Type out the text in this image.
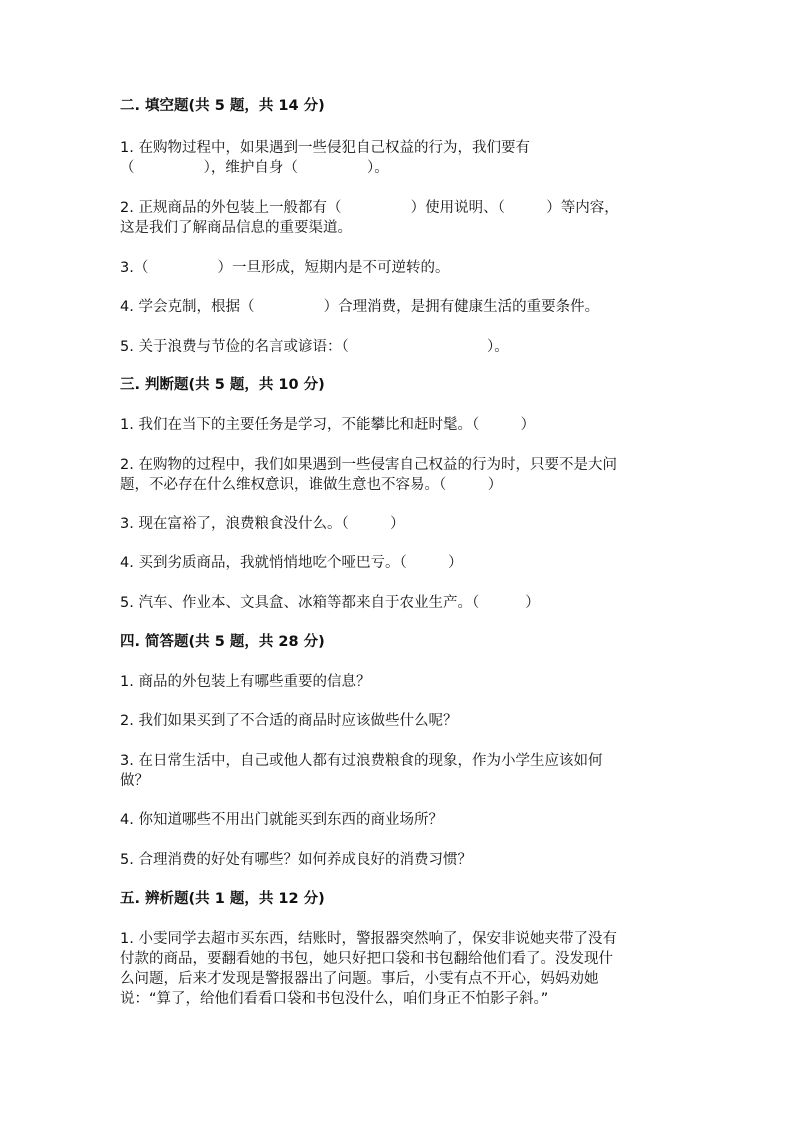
二. 填空题(共 5 题，共 14 分)
1. 在购物过程中，如果遇到一些侵犯自己权益的行为，我们要有
（               ），维护自身（               ）。
2. 正规商品的外包装上一般都有（               ）使用说明、（         ）等内容，
这是我们了解商品信息的重要渠道。
3.（               ）一旦形成，短期内是不可逆转的。
4. 学会克制，根据（               ）合理消费，是拥有健康生活的重要条件。
5. 关于浪费与节俭的名言或谚语：（                              ）。
三. 判断题(共 5 题，共 10 分)
1. 我们在当下的主要任务是学习，不能攀比和赶时髦。（         ）
2. 在购物的过程中，我们如果遇到一些侵害自己权益的行为时，只要不是大问
题，不必存在什么维权意识，谁做生意也不容易。（         ）
3. 现在富裕了，浪费粮食没什么。（         ）
4. 买到劣质商品，我就悄悄地吃个哑巴亏。（         ）
5. 汽车、作业本、文具盒、冰箱等都来自于农业生产。（          ）
四. 简答题(共 5 题，共 28 分)
1. 商品的外包装上有哪些重要的信息？
2. 我们如果买到了不合适的商品时应该做些什么呢？
3. 在日常生活中，自己或他人都有过浪费粮食的现象，作为小学生应该如何
做？
4. 你知道哪些不用出门就能买到东西的商业场所？
5. 合理消费的好处有哪些？如何养成良好的消费习惯？
五. 辨析题(共 1 题，共 12 分)
1. 小雯同学去超市买东西，结账时，警报器突然响了，保安非说她夹带了没有
付款的商品，要翻看她的书包，她只好把口袋和书包翻给他们看了。没发现什
么问题，后来才发现是警报器出了问题。事后，小雯有点不开心，妈妈劝她
说：“算了，给他们看看口袋和书包没什么，咱们身正不怕影子斜。”
